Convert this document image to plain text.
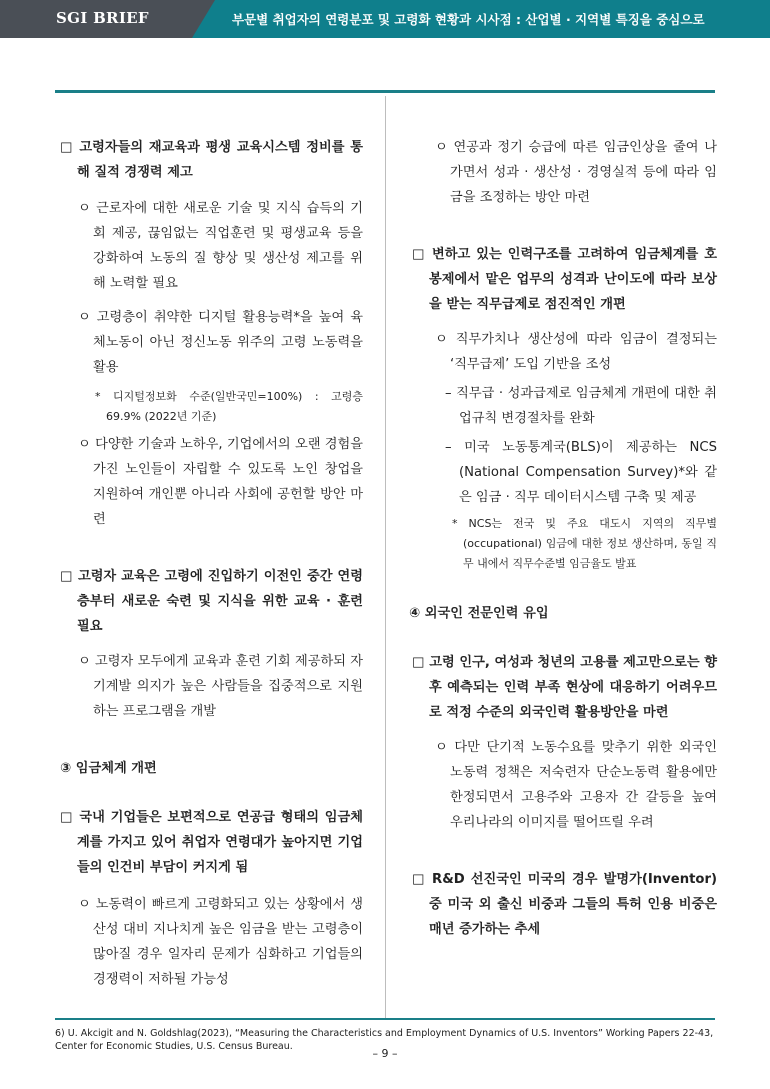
SGI BRIEF	부문별 취업자의 연령분포 및 고령화 현황과 시사점 : 산업별 · 지역별 특징을 중심으로

□ 고령자들의 재교육과 평생 교육시스템 정비를 통해 질적 경쟁력 제고

ㅇ 근로자에 대한 새로운 기술 및 지식 습득의 기회 제공, 끊임없는 직업훈련 및 평생교육 등을 강화하여 노동의 질 향상 및 생산성 제고를 위해 노력할 필요

ㅇ 고령층이 취약한 디지털 활용능력*을 높여 육체노동이 아닌 정신노동 위주의 고령 노동력을 활용

* 디지털정보화 수준(일반국민=100%) : 고령층 69.9% (2022년 기준)

ㅇ 다양한 기술과 노하우, 기업에서의 오랜 경험을 가진 노인들이 자립할 수 있도록 노인 창업을 지원하여 개인뿐 아니라 사회에 공헌할 방안 마련

□ 고령자 교육은 고령에 진입하기 이전인 중간 연령층부터 새로운 숙련 및 지식을 위한 교육 · 훈련 필요

ㅇ 고령자 모두에게 교육과 훈련 기회 제공하되 자기계발 의지가 높은 사람들을 집중적으로 지원하는 프로그램을 개발

③ 임금체계 개편

□ 국내 기업들은 보편적으로 연공급 형태의 임금체계를 가지고 있어 취업자 연령대가 높아지면 기업들의 인건비 부담이 커지게 됨

ㅇ 노동력이 빠르게 고령화되고 있는 상황에서 생산성 대비 지나치게 높은 임금을 받는 고령층이 많아질 경우 일자리 문제가 심화하고 기업들의 경쟁력이 저하될 가능성

ㅇ 연공과 정기 승급에 따른 임금인상을 줄여 나가면서 성과 · 생산성 · 경영실적 등에 따라 임금을 조정하는 방안 마련

□ 변하고 있는 인력구조를 고려하여 임금체계를 호봉제에서 맡은 업무의 성격과 난이도에 따라 보상을 받는 직무급제로 점진적인 개편

ㅇ 직무가치나 생산성에 따라 임금이 결정되는 ‘직무급제’ 도입 기반을 조성

– 직무급 · 성과급제로 임금체계 개편에 대한 취업규칙 변경절차를 완화

– 미국 노동통계국(BLS)이 제공하는 NCS (National Compensation Survey)*와 같은 임금 · 직무 데이터시스템 구축 및 제공

* NCS는 전국 및 주요 대도시 지역의 직무별 (occupational) 임금에 대한 정보 생산하며, 동일 직무 내에서 직무수준별 임금율도 발표

④ 외국인 전문인력 유입

□ 고령 인구, 여성과 청년의 고용률 제고만으로는 향후 예측되는 인력 부족 현상에 대응하기 어려우므로 적정 수준의 외국인력 활용방안을 마련

ㅇ 다만 단기적 노동수요를 맞추기 위한 외국인 노동력 정책은 저숙련자 단순노동력 활용에만 한정되면서 고용주와 고용자 간 갈등을 높여 우리나라의 이미지를 떨어뜨릴 우려

□ R&D 선진국인 미국의 경우 발명가(Inventor) 중 미국 외 출신 비중과 그들의 특허 인용 비중은 매년 증가하는 추세

6) U. Akcigit and N. Goldshlag(2023), “Measuring the Characteristics and Employment Dynamics of U.S. Inventors” Working Papers 22-43, Center for Economic Studies, U.S. Census Bureau.
– 9 –
